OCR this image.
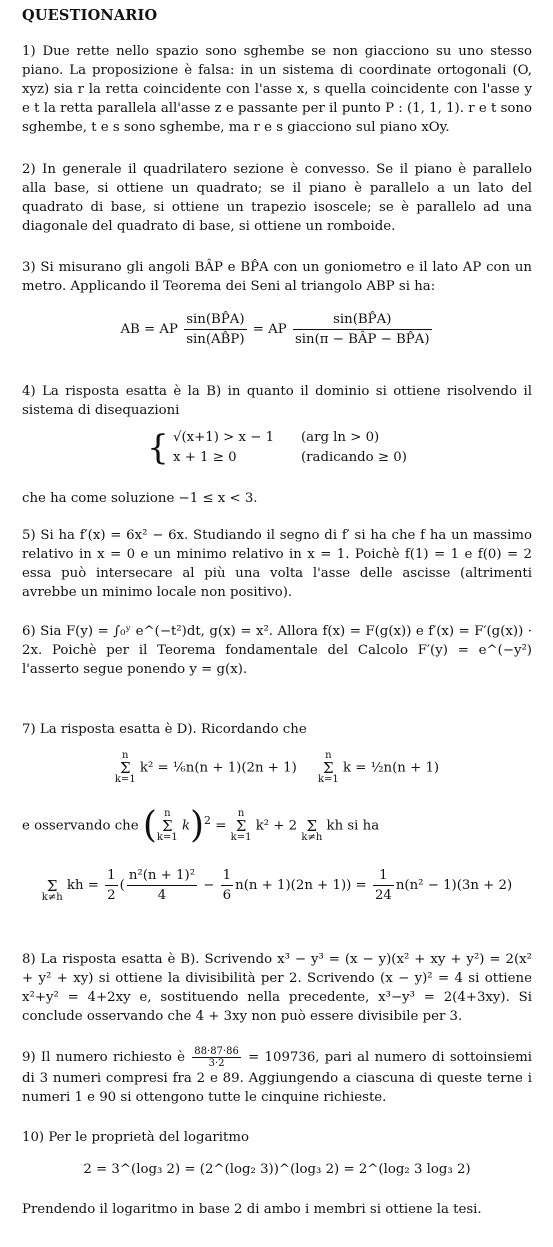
QUESTIONARIO

1) Due rette nello spazio sono sghembe se non giacciono su uno stesso piano. La proposizione è falsa: in un sistema di coordinate ortogonali (O, xyz) sia r la retta coincidente con l'asse x, s quella coincidente con l'asse y e t la retta parallela all'asse z e passante per il punto P : (1, 1, 1). r e t sono sghembe, t e s sono sghembe, ma r e s giacciono sul piano xOy.

2) In generale il quadrilatero sezione è convesso. Se il piano è parallelo alla base, si ottiene un quadrato; se il piano è parallelo a un lato del quadrato di base, si ottiene un trapezio isoscele; se è parallelo ad una diagonale del quadrato di base, si ottiene un romboide.

3) Si misurano gli angoli BÂP e BP̂A con un goniometro e il lato AP con un metro. Applicando il Teorema dei Seni al triangolo ABP si ha:

AB = AP $\frac{\sin(BP̂A)}{\sin(AB̂P)}$ = AP $\frac{\sin(BP̂A)}{\text{sin(π − BÂP − BP̂A)}}$

4) La risposta esatta è la B) in quanto il dominio si ottiene risolvendo il sistema di disequazioni

{ √(x+1) > x − 1 (arg ln > 0)
x + 1 ≥ 0	(radicando ≥ 0)

che ha come soluzione −1 ≤ x < 3.

5) Si ha f′(x) = 6x² − 6x. Studiando il segno di f′ si ha che f ha un massimo relativo in x = 0 e un minimo relativo in x = 1. Poichè f(1) = 1 e f(0) = 2 essa può intersecare al più una volta l'asse delle ascisse (altrimenti avrebbe un minimo locale non positivo).

6) Sia F(y) = ∫₀ʸ e^(−t²)dt, g(x) = x². Allora f(x) = F(g(x)) e f′(x) = F′(g(x)) · 2x. Poichè per il Teorema fondamentale del Calcolo F′(y) = e^(−y²) l'asserto segue ponendo y = g(x).

7) La risposta esatta è D). Ricordando che

n
Σ
k=1
k² = ⅙n(n + 1)(2n + 1)
n
Σ
k=1
k = ½n(n + 1)
e osservando che ( n
Σ
k=1
k)$^2$ =
n
Σ
k=1
k² + 2
Σ
k≠h
kh si ha

Σ
k≠h
kh = $\frac{1}{2}$ ( $\frac{\text{n²(n + 1)²}}{4} - \frac{1}{6} n(n + 1)(2n + 1)) = \frac{1}{24} n(n^2 - 1)(3n + 2)$

8) La risposta esatta è B). Scrivendo x³ − y³ = (x − y)(x² + xy + y²) = 2(x² + y² + xy) si ottiene la divisibilità per 2. Scrivendo (x − y)² = 4 si ottiene x²+y² = 4+2xy e, sostituendo nella precedente, x³−y³ = 2(4+3xy). Si conclude osservando che 4 + 3xy non può essere divisibile per 3.

9) Il numero richiesto è $\frac{88\cdot 87\cdot 86}{3\cdot 2} = 109736$, pari al numero di sottoinsiemi di 3 numeri compresi fra 2 e 89. Aggiungendo a ciascuna di queste terne i numeri 1 e 90 si ottengono tutte le cinquine richieste.

10) Per le proprietà del logaritmo

2 = 3^(log₃ 2) = (2^(log₂ 3))^(log₃ 2) = 2^(log₂ 3 log₃ 2)

Prendendo il logaritmo in base 2 di ambo i membri si ottiene la tesi.
